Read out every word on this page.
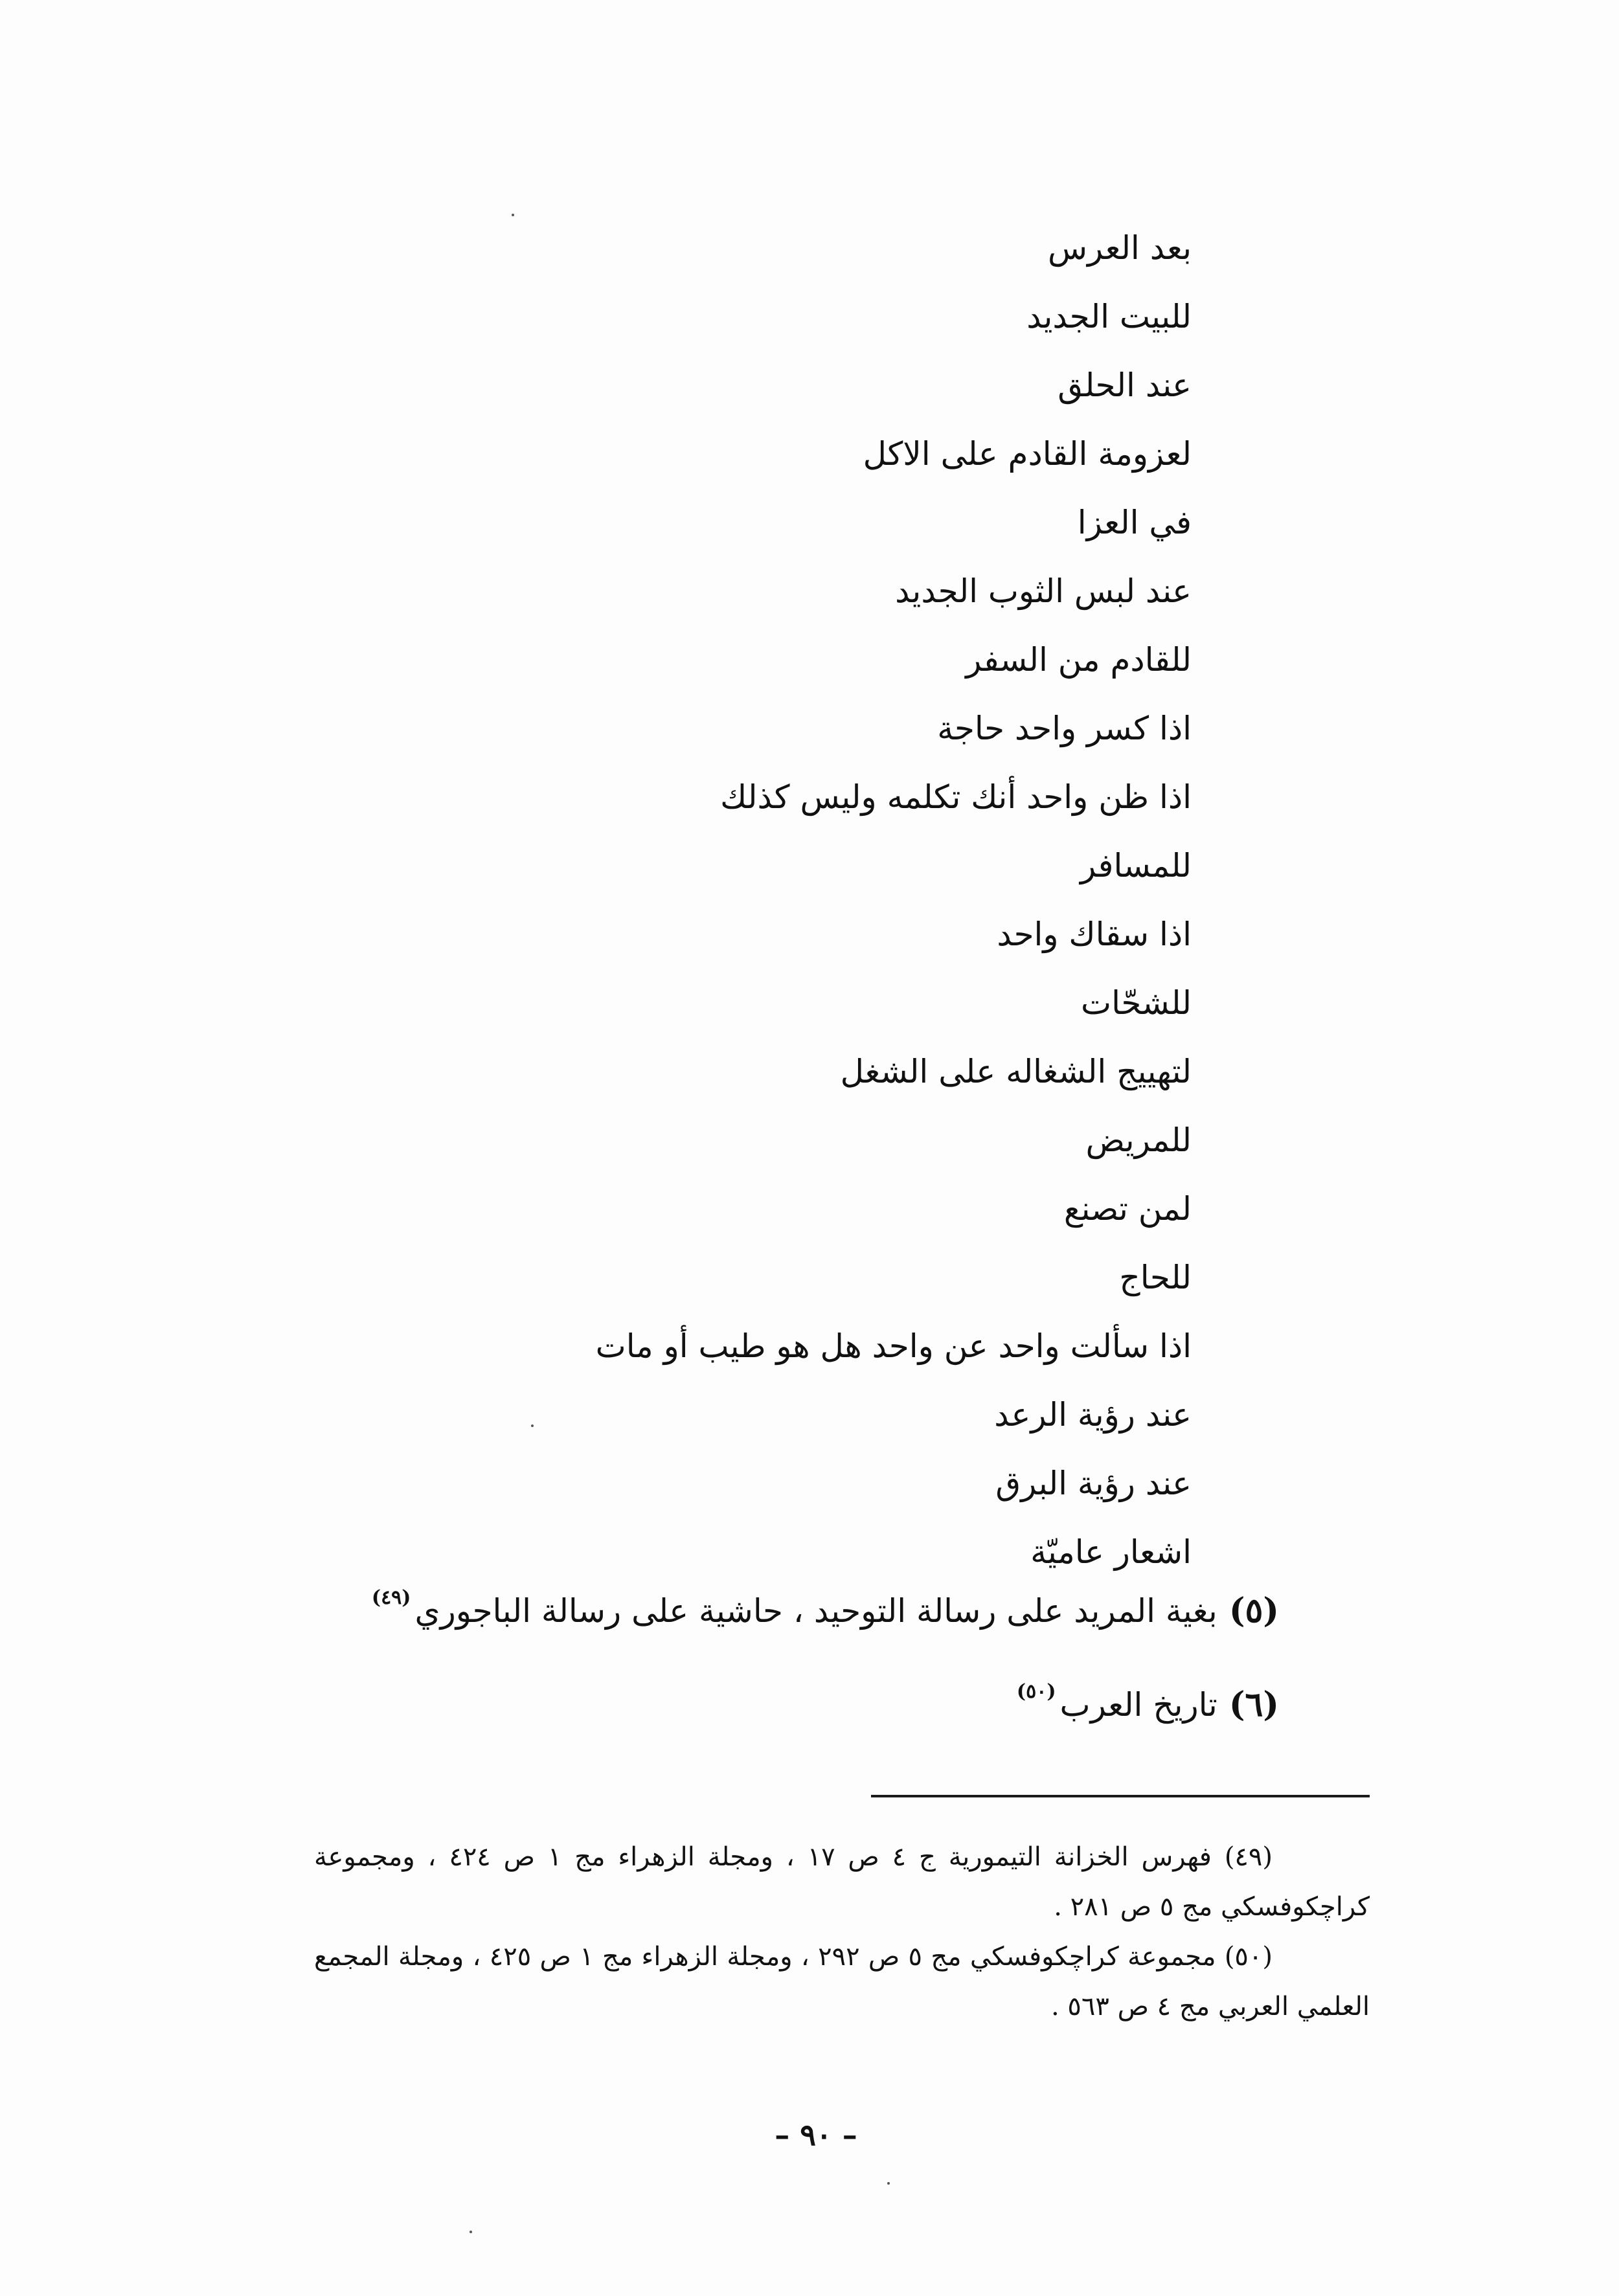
بعد العرس
للبيت الجديد
عند الحلق
لعزومة القادم على الاكل
في العزا
عند لبس الثوب الجديد
للقادم من السفر
اذا كسر واحد حاجة
اذا ظن واحد أنك تكلمه وليس كذلك
للمسافر
اذا سقاك واحد
للشحّات
لتهييج الشغاله على الشغل
للمريض
لمن تصنع
للحاج
اذا سألت واحد عن واحد هل هو طيب أو مات
عند رؤية الرعد
عند رؤية البرق
اشعار عاميّة
(٥)بغية المريد على رسالة التوحيد ، حاشية على رسالة الباجوري$^{(٤٩)}$
(٦)تاريخ العرب$^{(٥٠)}$

(٤٩) فهرس الخزانة التيمورية ج ٤ ص ١٧ ، ومجلة الزهراء مج ١ ص ٤٢٤ ، ومجموعة كراچكوفسكي مج ٥ ص ٢٨١ .

(٥٠) مجموعة كراچكوفسكي مج ٥ ص ٢٩٢ ، ومجلة الزهراء مج ١ ص ٤٢٥ ، ومجلة المجمع العلمي العربي مج ٤ ص ٥٦٣ .

– ٩٠ –
